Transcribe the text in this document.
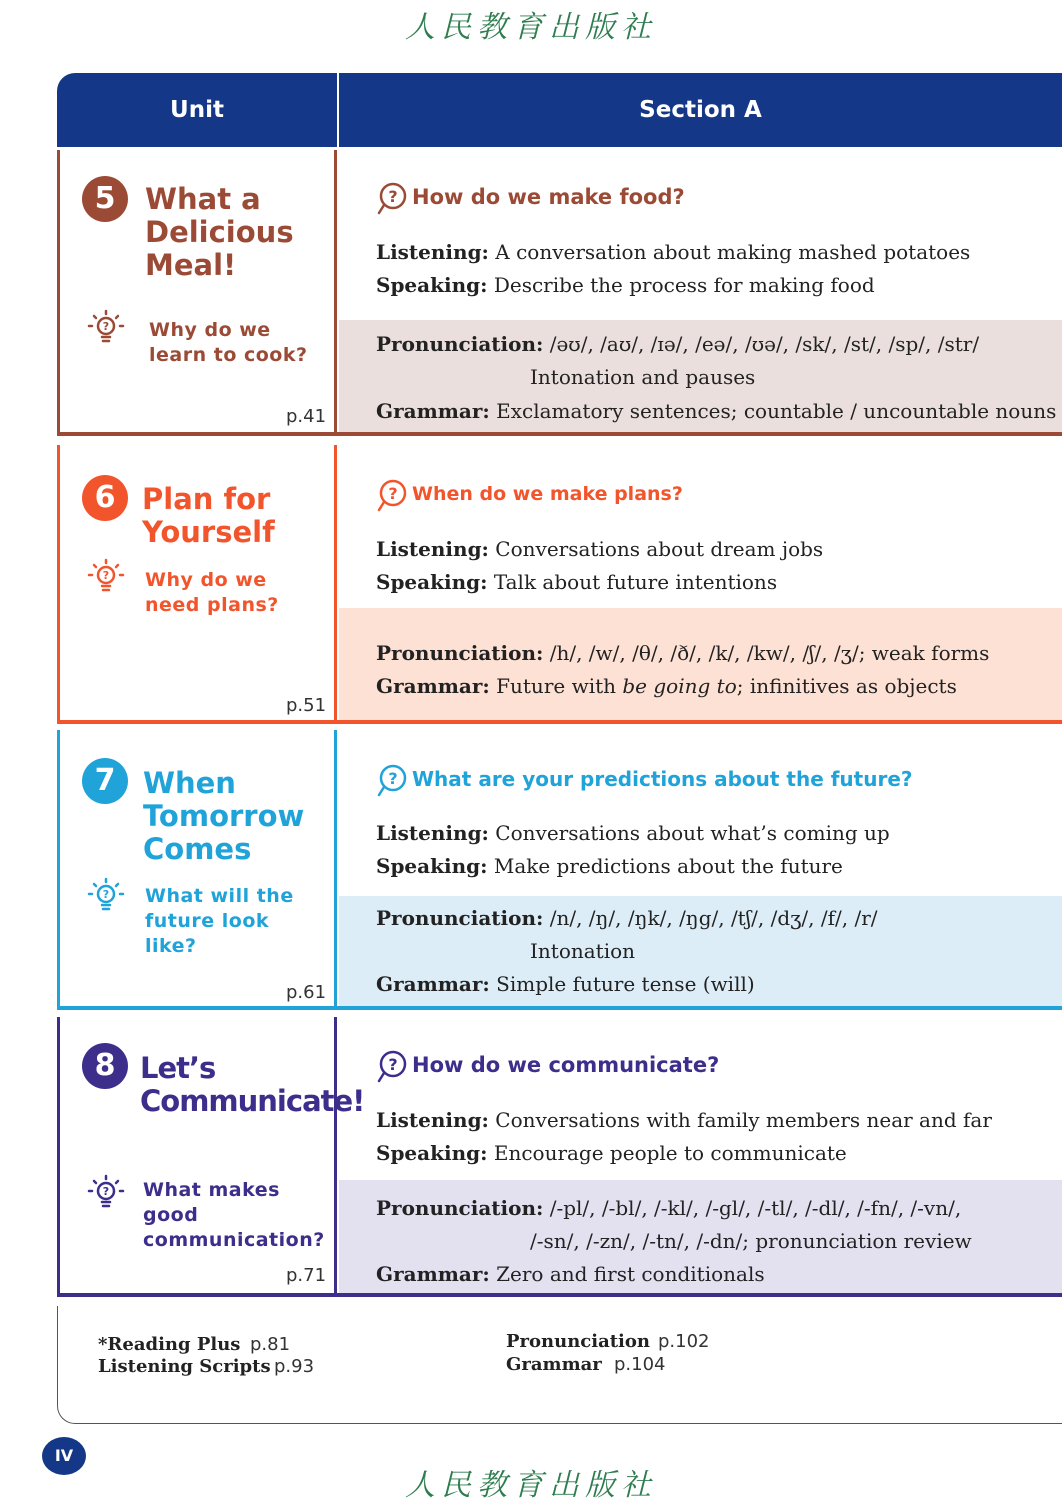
人民教育出版社
Unit	Section A
5	What a
Delicious
Meal!
? Why do we
learn to cook?
p.41
? How do we make food?
Listening: A conversation about making mashed potatoes
Speaking: Describe the process for making food
Pronunciation: /əʊ/, /aʊ/, /ɪə/, /eə/, /ʊə/, /sk/, /st/, /sp/, /str/
Intonation and pauses
Grammar: Exclamatory sentences; countable / uncountable nouns
6 Plan for
Yourself
? Why do we
need plans?
p.51
? When do we make plans?
Listening: Conversations about dream jobs
Speaking: Talk about future intentions
Pronunciation: /h/, /w/, /θ/, /ð/, /k/, /kw/, /ʃ/, /ʒ/; weak forms
Grammar: Future with be going to; infinitives as objects
7 When
Tomorrow
Comes
? What will the
future look
like?
p.61
? What are your predictions about the future?
Listening: Conversations about what’s coming up
Speaking: Make predictions about the future
Pronunciation: /n/, /ŋ/, /ŋk/, /ŋg/, /tʃ/, /dʒ/, /f/, /r/
Intonation
Grammar: Simple future tense (will)
8 Let’s
Communicate!
? What makes
good
communication?
p.71
? How do we communicate?
Listening: Conversations with family members near and far
Speaking: Encourage people to communicate
Pronunciation: /-pl/, /-bl/, /-kl/, /-gl/, /-tl/, /-dl/, /-fn/, /-vn/,
/-sn/, /-zn/, /-tn/, /-dn/; pronunciation review
Grammar: Zero and first conditionals
*Reading Plus p.81
Listening Scripts p.93
Pronunciation p.102
Grammar p.104
IV
人民教育出版社
